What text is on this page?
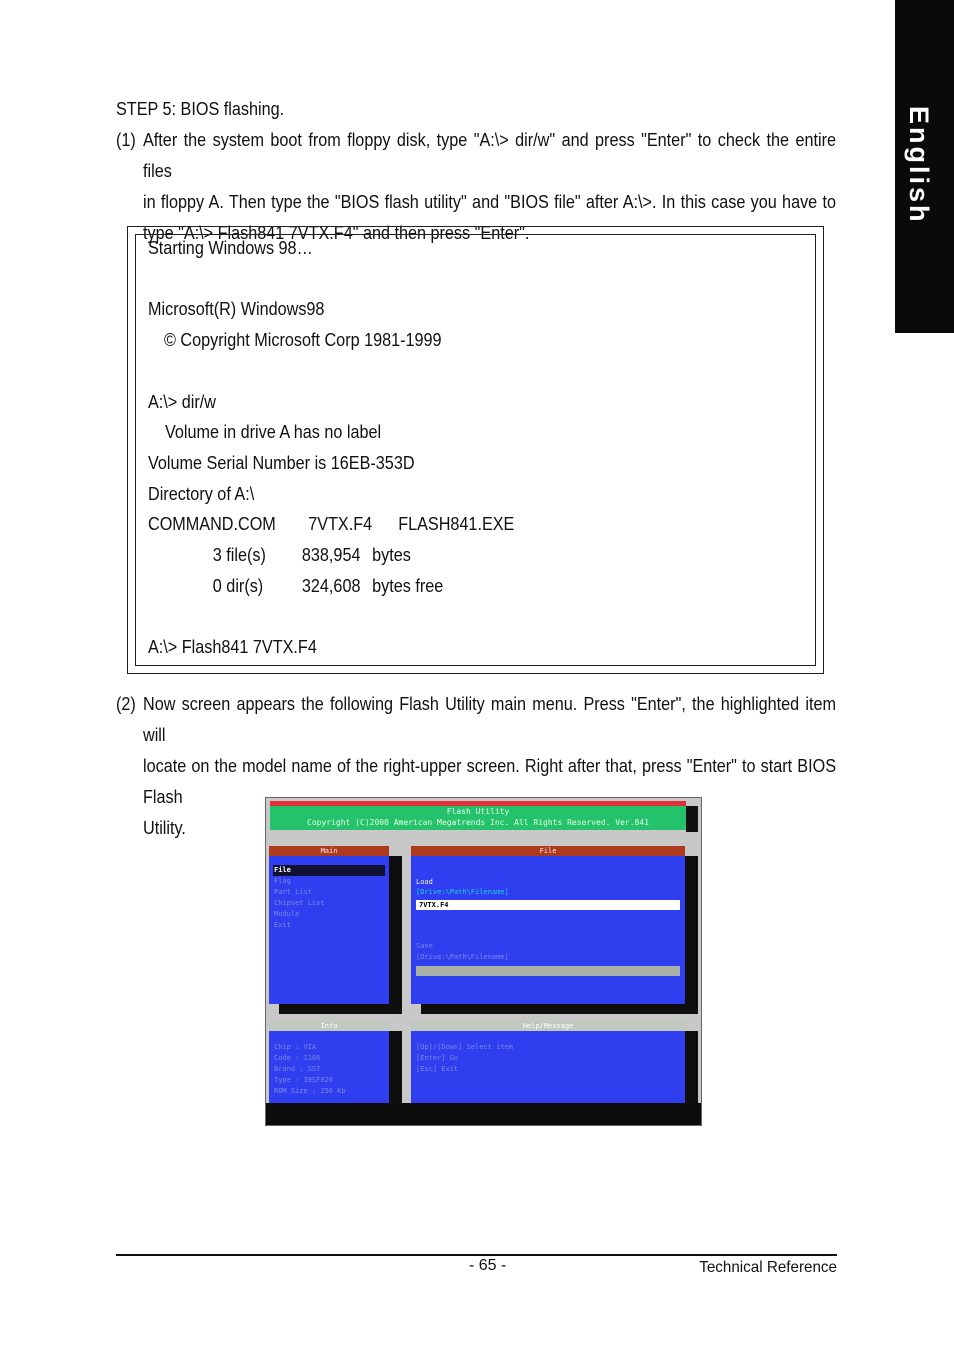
English
STEP 5: BIOS flashing.
(1) After the system boot from floppy disk, type "A:\> dir/w" and press "Enter" to check the entire files
in floppy A. Then type the "BIOS flash utility" and "BIOS file" after A:\>. In this case you have to
type "A:\> Flash841 7VTX.F4" and then press "Enter".
Starting Windows 98…
Microsoft(R) Windows98
© Copyright Microsoft Corp 1981-1999
A:\> dir/w
Volume in drive A has no label
Volume Serial Number is 16EB-353D
Directory of A:\
COMMAND.COM 7VTX.F4 FLASH841.EXE
3 file(s) 838,954 bytes
0 dir(s) 324,608 bytes free
A:\> Flash841 7VTX.F4
(2) Now screen appears the following Flash Utility main menu. Press "Enter", the highlighted item will
locate on the model name of the right-upper screen. Right after that, press "Enter" to start BIOS Flash
Utility.
Flash Utility
Copyright (C)2000 American Megatrends Inc. All Rights Reserved. Ver.841
Main
File
Flag
Part List
Chipset List
Module
Exit
File
Load
[Drive:\Path\Filename]
7VTX.F4
Save
[Drive:\Path\Filename]
Info
Chip : VIA
Code : 1106
Brand : SST
Type : 39SF020
ROM Size : 256 Kb
Help/Message
[Up]/[Down] Select item
[Enter] Go
[Esc] Exit
- 65 -	Technical Reference
